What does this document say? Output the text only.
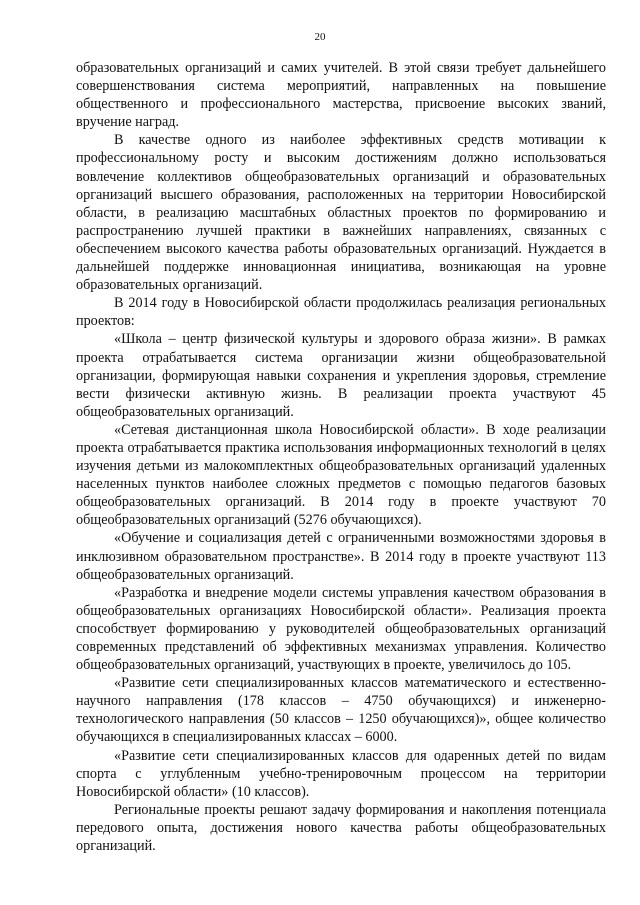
20

образовательных организаций и самих учителей. В этой связи требует дальнейшего совершенствования система мероприятий, направленных на повышение общественного и профессионального мастерства, присвоение высоких званий, вручение наград.

В качестве одного из наиболее эффективных средств мотивации к профессиональному росту и высоким достижениям должно использоваться вовлечение коллективов общеобразовательных организаций и образовательных организаций высшего образования, расположенных на территории Новосибирской области, в реализацию масштабных областных проектов по формированию и распространению лучшей практики в важнейших направлениях, связанных с обеспечением высокого качества работы образовательных организаций. Нуждается в дальнейшей поддержке инновационная инициатива, возникающая на уровне образовательных организаций.

В 2014 году в Новосибирской области продолжилась реализация региональных проектов:

«Школа – центр физической культуры и здорового образа жизни». В рамках проекта отрабатывается система организации жизни общеобразовательной организации, формирующая навыки сохранения и укрепления здоровья, стремление вести физически активную жизнь. В реализации проекта участвуют 45 общеобразовательных организаций.

«Сетевая дистанционная школа Новосибирской области». В ходе реализации проекта отрабатывается практика использования информационных технологий в целях изучения детьми из малокомплектных общеобразовательных организаций удаленных населенных пунктов наиболее сложных предметов с помощью педагогов базовых общеобразовательных организаций. В 2014 году в проекте участвуют 70 общеобразовательных организаций (5276 обучающихся).

«Обучение и социализация детей с ограниченными возможностями здоровья в инклюзивном образовательном пространстве». В 2014 году в проекте участвуют 113 общеобразовательных организаций.

«Разработка и внедрение модели системы управления качеством образования в общеобразовательных организациях Новосибирской области». Реализация проекта способствует формированию у руководителей общеобразовательных организаций современных представлений об эффективных механизмах управления. Количество общеобразовательных организаций, участвующих в проекте, увеличилось до 105.

«Развитие сети специализированных классов математического и естественно-научного направления (178 классов – 4750 обучающихся) и инженерно-технологического направления (50 классов – 1250 обучающихся)», общее количество обучающихся в специализированных классах – 6000.

«Развитие сети специализированных классов для одаренных детей по видам спорта с углубленным учебно-тренировочным процессом на территории Новосибирской области» (10 классов).

Региональные проекты решают задачу формирования и накопления потенциала передового опыта, достижения нового качества работы общеобразовательных организаций.
